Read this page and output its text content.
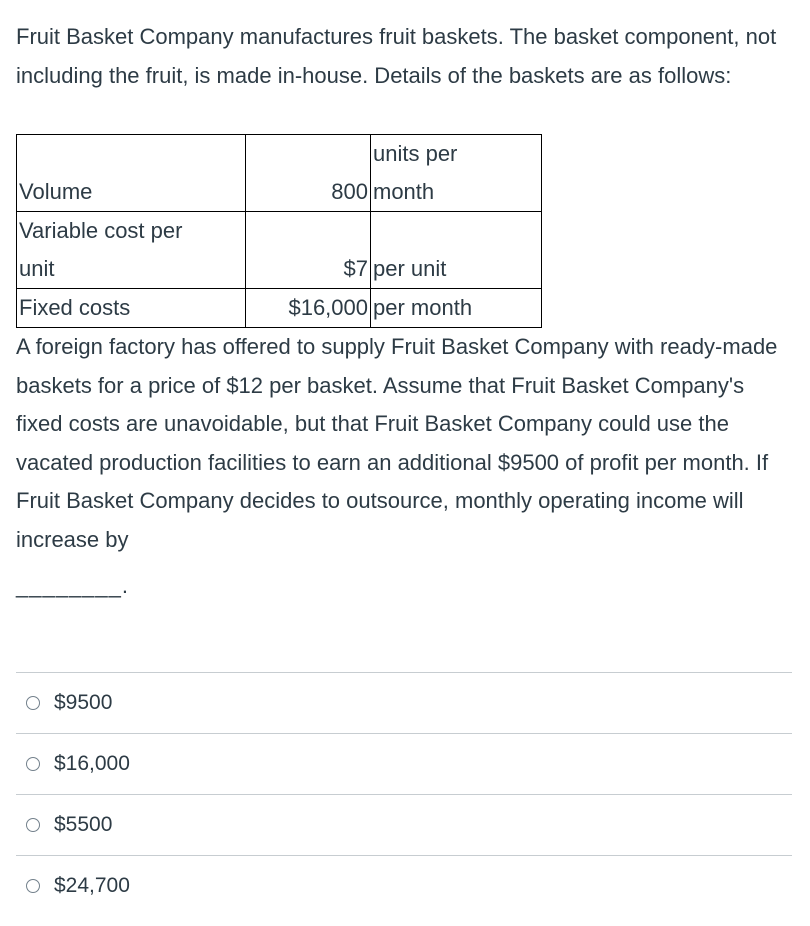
Fruit Basket Company manufactures fruit baskets. The basket component, not including the fruit, is made in-house. Details of the baskets are as follows:

Volume	800	units per
month
Variable cost per
unit	$7	per unit
Fixed costs	$16,000	per month

A foreign factory has offered to supply Fruit Basket Company with ready-made baskets for a price of $12 per basket. Assume that Fruit Basket Company's fixed costs are unavoidable, but that Fruit Basket Company could use the vacated production facilities to earn an additional $9500 of profit per month. If Fruit Basket Company decides to outsource, monthly operating income will increase by

________.

$9500
$16,000
$5500
$24,700
